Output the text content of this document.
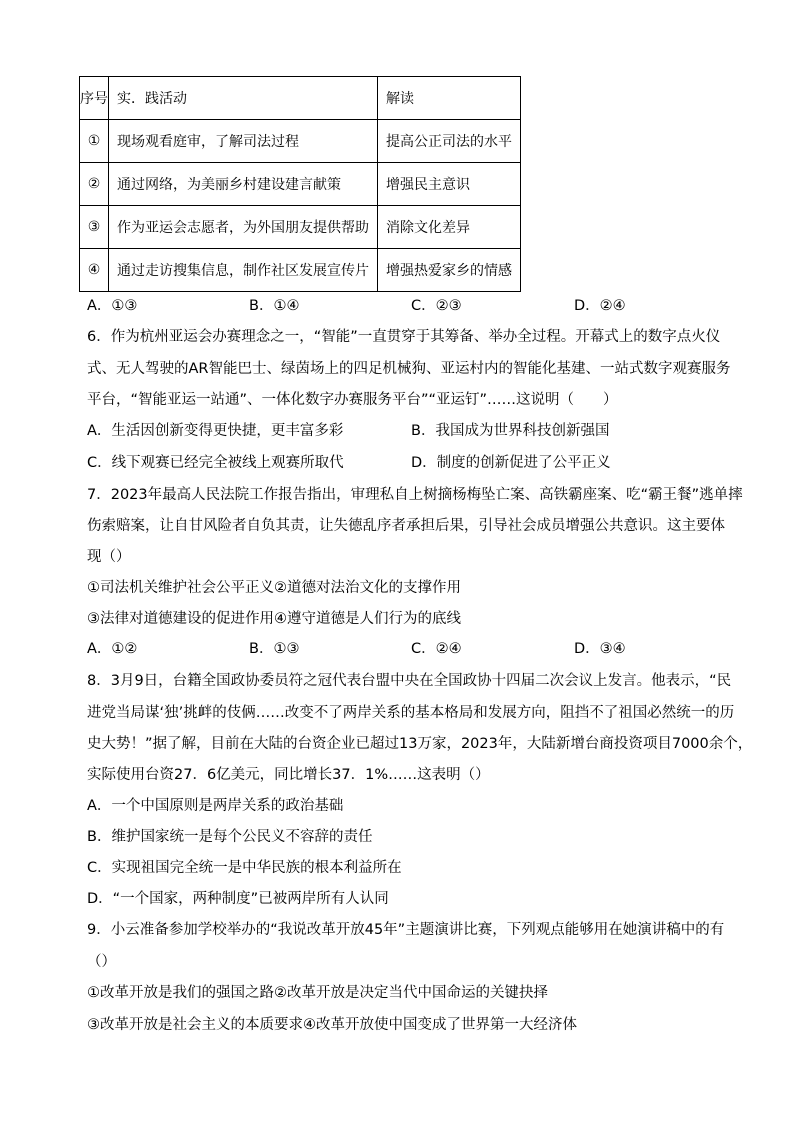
序号	实．践活动	解读
①	现场观看庭审，了解司法过程	提高公正司法的水平
②	通过网络，为美丽乡村建设建言献策	增强民主意识
③	作为亚运会志愿者，为外国朋友提供帮助	消除文化差异
④	通过走访搜集信息，制作社区发展宣传片	增强热爱家乡的情感
A．①③	B．①④	C．②③	D．②④
6．作为杭州亚运会办赛理念之一，“智能”一直贯穿于其筹备、举办全过程。开幕式上的数字点火仪
式、无人驾驶的AR智能巴士、绿茵场上的四足机械狗、亚运村内的智能化基建、一站式数字观赛服务
平台，“智能亚运一站通”、一体化数字办赛服务平台”“亚运钉”……这说明（　　）
A．生活因创新变得更快捷，更丰富多彩	B．我国成为世界科技创新强国
C．线下观赛已经完全被线上观赛所取代	D．制度的创新促进了公平正义
7．2023年最高人民法院工作报告指出，审理私自上树摘杨梅坠亡案、高铁霸座案、吃“霸王餐”逃单摔
伤索赔案，让自甘风险者自负其责，让失德乱序者承担后果，引导社会成员增强公共意识。这主要体
现（）
①司法机关维护社会公平正义②道德对法治文化的支撑作用
③法律对道德建设的促进作用④遵守道德是人们行为的底线
A．①②	B．①③	C．②④	D．③④
8．3月9日，台籍全国政协委员符之冠代表台盟中央在全国政协十四届二次会议上发言。他表示，“民
进党当局谋‘独’挑衅的伎俩……改变不了两岸关系的基本格局和发展方向，阻挡不了祖国必然统一的历
史大势！”据了解，目前在大陆的台资企业已超过13万家，2023年，大陆新增台商投资项目7000余个，
实际使用台资27．6亿美元，同比增长37．1%……这表明（）
A．一个中国原则是两岸关系的政治基础
B．维护国家统一是每个公民义不容辞的责任
C．实现祖国完全统一是中华民族的根本利益所在
D．“一个国家，两种制度”已被两岸所有人认同
9．小云准备参加学校举办的“我说改革开放45年”主题演讲比赛，下列观点能够用在她演讲稿中的有
（）
①改革开放是我们的强国之路②改革开放是决定当代中国命运的关键抉择
③改革开放是社会主义的本质要求④改革开放使中国变成了世界第一大经济体
